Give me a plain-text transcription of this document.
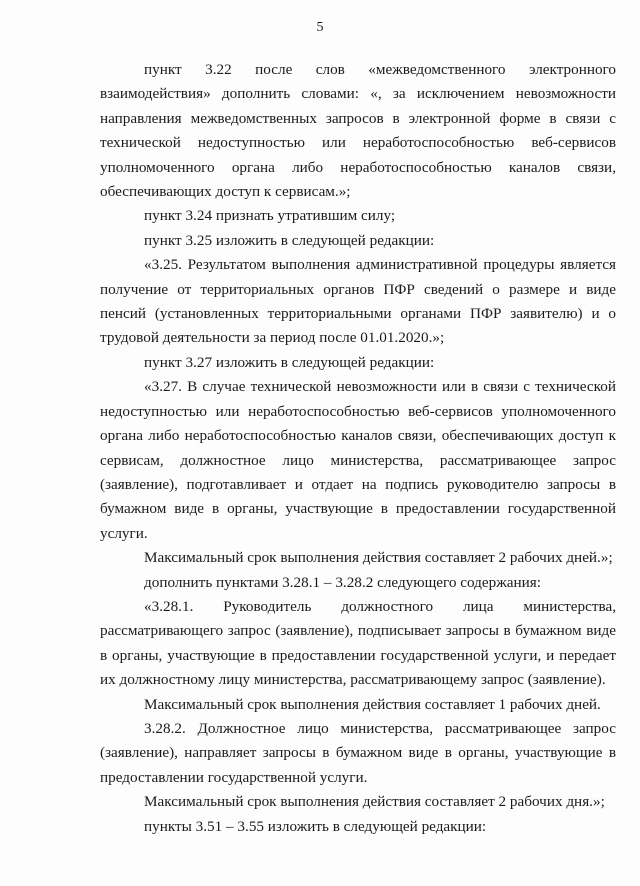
5

пункт 3.22 после слов «межведомственного электронного взаимодействия» дополнить словами: «, за исключением невозможности направления межведомственных запросов в электронной форме в связи с технической недоступностью или неработоспособностью веб-сервисов уполномоченного органа либо неработоспособностью каналов связи, обеспечивающих доступ к сервисам.»;

пункт 3.24 признать утратившим силу;

пункт 3.25 изложить в следующей редакции:

«3.25. Результатом выполнения административной процедуры является получение от территориальных органов ПФР сведений о размере и виде пенсий (установленных территориальными органами ПФР заявителю) и о трудовой деятельности за период после 01.01.2020.»;

пункт 3.27 изложить в следующей редакции:

«3.27. В случае технической невозможности или в связи с технической недоступностью или неработоспособностью веб-сервисов уполномоченного органа либо неработоспособностью каналов связи, обеспечивающих доступ к сервисам, должностное лицо министерства, рассматривающее запрос (заявление), подготавливает и отдает на подпись руководителю запросы в бумажном виде в органы, участвующие в предоставлении государственной услуги.

Максимальный срок выполнения действия составляет 2 рабочих дней.»;

дополнить пунктами 3.28.1 – 3.28.2 следующего содержания:

«3.28.1. Руководитель должностного лица министерства, рассматривающего запрос (заявление), подписывает запросы в бумажном виде в органы, участвующие в предоставлении государственной услуги, и передает их должностному лицу министерства, рассматривающему запрос (заявление).

Максимальный срок выполнения действия составляет 1 рабочих дней.

3.28.2. Должностное лицо министерства, рассматривающее запрос (заявление), направляет запросы в бумажном виде в органы, участвующие в предоставлении государственной услуги.

Максимальный срок выполнения действия составляет 2 рабочих дня.»;

пункты 3.51 – 3.55 изложить в следующей редакции:
